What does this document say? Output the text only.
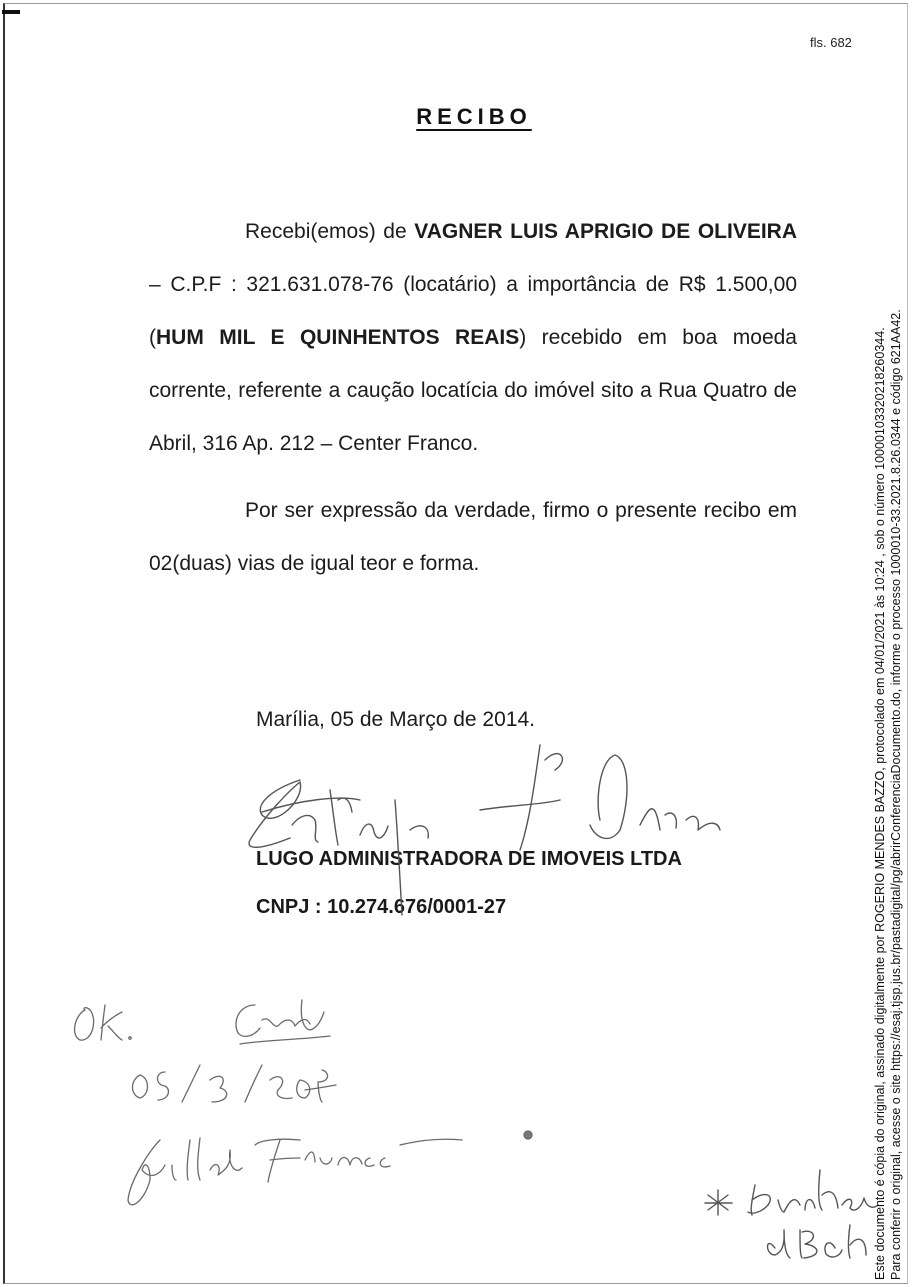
fls. 682
RECIBO
Recebi(emos) de VAGNER LUIS APRIGIO DE OLIVEIRA – C.P.F : 321.631.078-76 (locatário) a importância de R$ 1.500,00 (HUM MIL E QUINHENTOS REAIS) recebido em boa moeda corrente, referente a caução locatícia do imóvel sito a Rua Quatro de Abril, 316 Ap. 212 – Center Franco.
Por ser expressão da verdade, firmo o presente recibo em 02(duas) vias de igual teor e forma.
Marília, 05 de Março de 2014.
LUGO ADMINISTRADORA DE IMOVEIS LTDA
CNPJ : 10.274.676/0001-27	Este documento é cópia do original, assinado digitalmente por ROGERIO MENDES BAZZO, protocolado em 04/01/2021 às 10:24 , sob o número 10000103320218260344. Para conferir o original, acesse o site https://esaj.tjsp.jus.br/pastadigital/pg/abrirConferenciaDocumento.do, informe o processo 1000010-33.2021.8.26.0344 e código 621AA42.
